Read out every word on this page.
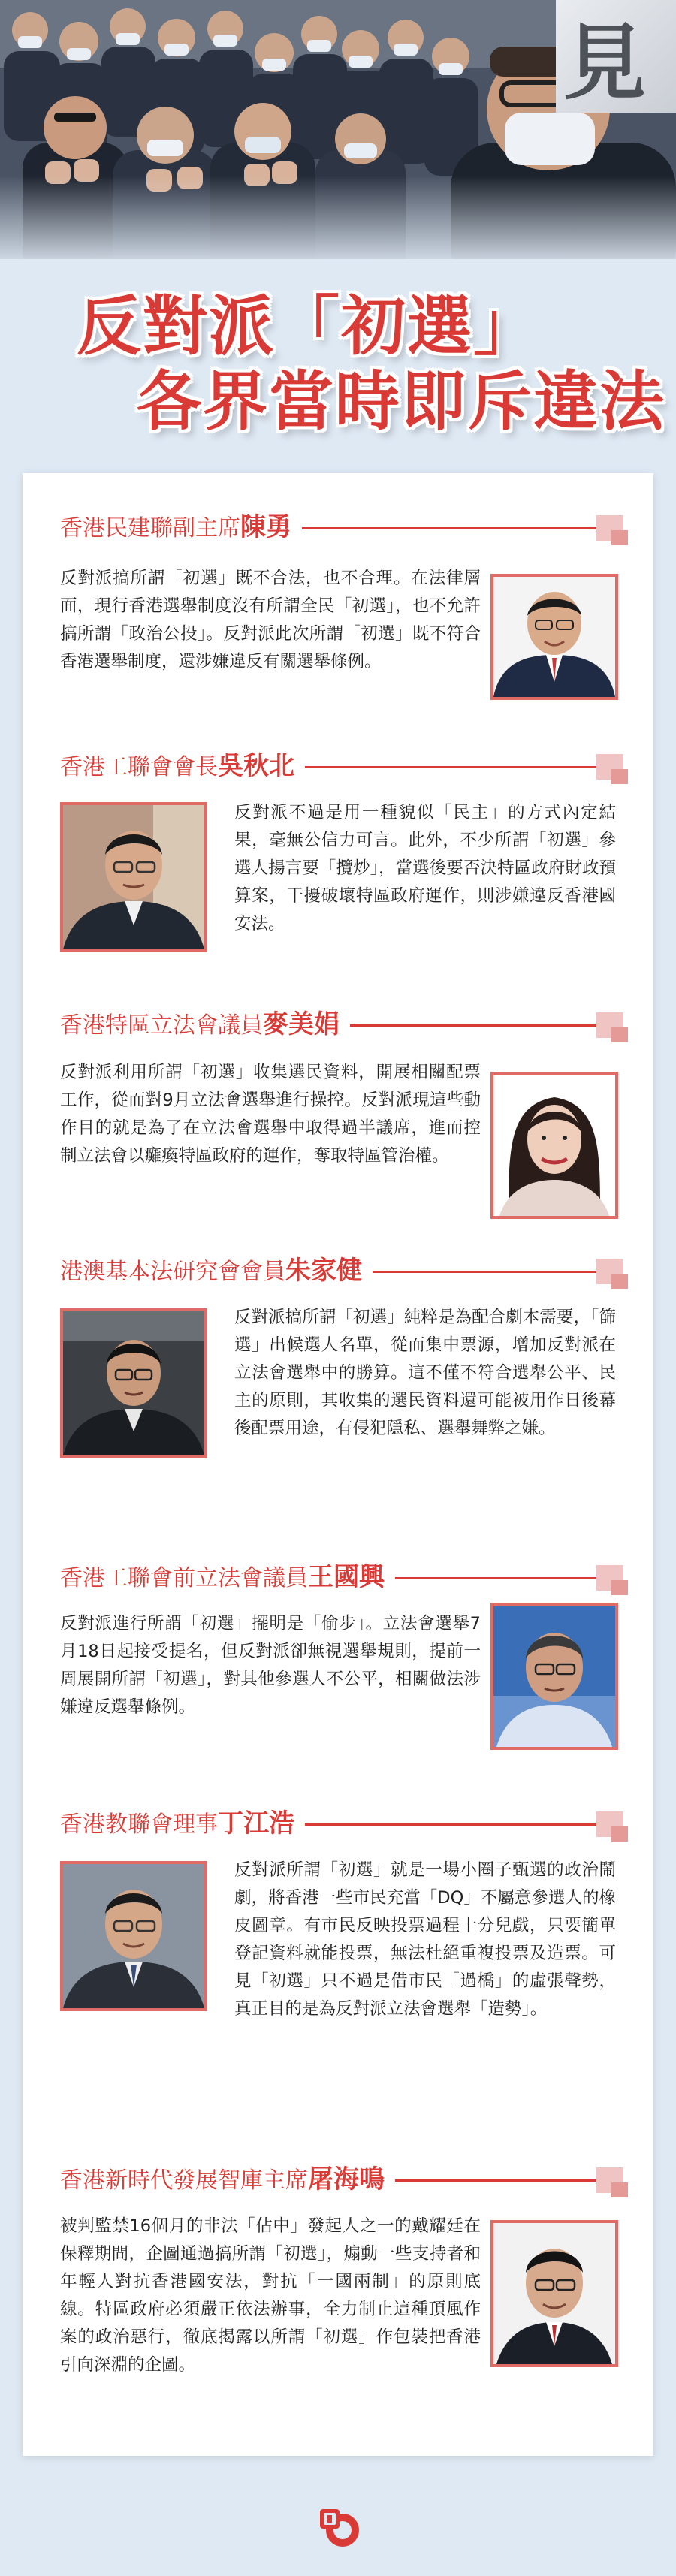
見
反對派「初選」
各界當時即斥違法
香港民建聯副主席陳勇
反對派搞所謂「初選」既不合法，也不合理。在法律層面，現行香港選舉制度沒有所謂全民「初選」，也不允許搞所謂「政治公投」。反對派此次所謂「初選」既不符合香港選舉制度，還涉嫌違反有關選舉條例。
香港工聯會會長吳秋北
反對派不過是用一種貌似「民主」的方式內定結果，毫無公信力可言。此外，不少所謂「初選」參選人揚言要「攬炒」，當選後要否決特區政府財政預算案，干擾破壞特區政府運作，則涉嫌違反香港國安法。
香港特區立法會議員麥美娟
反對派利用所謂「初選」收集選民資料，開展相關配票工作，從而對9月立法會選舉進行操控。反對派現這些動作目的就是為了在立法會選舉中取得過半議席，進而控制立法會以癱瘓特區政府的運作，奪取特區管治權。
港澳基本法研究會會員朱家健
反對派搞所謂「初選」純粹是為配合劇本需要，「篩選」出候選人名單，從而集中票源，增加反對派在立法會選舉中的勝算。這不僅不符合選舉公平、民主的原則，其收集的選民資料還可能被用作日後幕後配票用途，有侵犯隱私、選舉舞弊之嫌。
香港工聯會前立法會議員王國興
反對派進行所謂「初選」擺明是「偷步」。立法會選舉7月18日起接受提名，但反對派卻無視選舉規則，提前一周展開所謂「初選」，對其他參選人不公平，相關做法涉嫌違反選舉條例。
香港教聯會理事丁江浩
反對派所謂「初選」就是一場小圈子甄選的政治鬧劇，將香港一些市民充當「DQ」不屬意參選人的橡皮圖章。有市民反映投票過程十分兒戲，只要簡單登記資料就能投票，無法杜絕重複投票及造票。可見「初選」只不過是借市民「過橋」的虛張聲勢，真正目的是為反對派立法會選舉「造勢」。
香港新時代發展智庫主席屠海鳴
被判監禁16個月的非法「佔中」發起人之一的戴耀廷在保釋期間，企圖通過搞所謂「初選」，煽動一些支持者和年輕人對抗香港國安法，對抗「一國兩制」的原則底線。特區政府必須嚴正依法辦事，全力制止這種頂風作案的政治惡行，徹底揭露以所謂「初選」作包裝把香港引向深淵的企圖。
